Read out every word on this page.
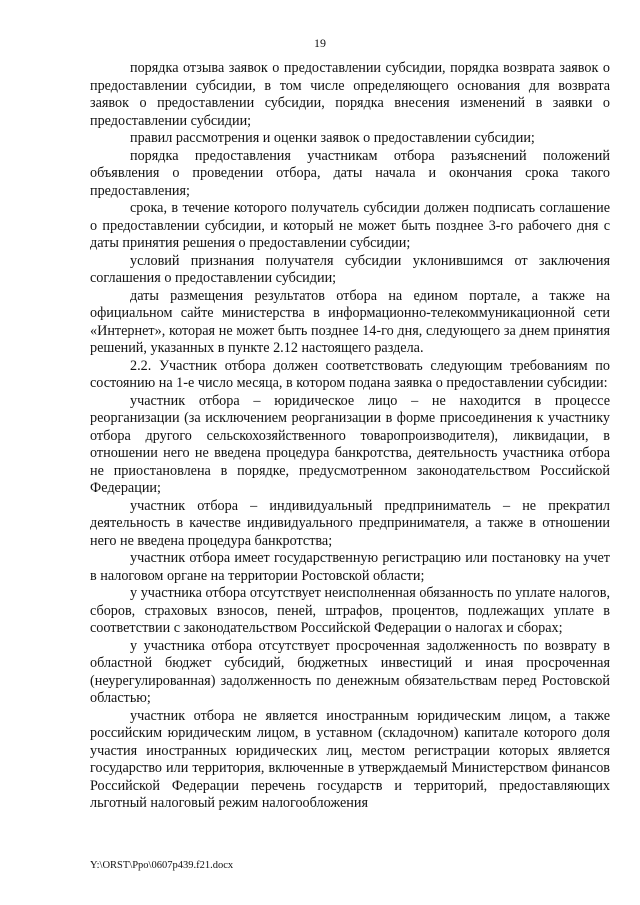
19

порядка отзыва заявок о предоставлении субсидии, порядка возврата заявок о предоставлении субсидии, в том числе определяющего основания для возврата заявок о предоставлении субсидии, порядка внесения изменений в заявки о предоставлении субсидии;

правил рассмотрения и оценки заявок о предоставлении субсидии;

порядка предоставления участникам отбора разъяснений положений объявления о проведении отбора, даты начала и окончания срока такого предоставления;

срока, в течение которого получатель субсидии должен подписать соглашение о предоставлении субсидии, и который не может быть позднее 3-го рабочего дня с даты принятия решения о предоставлении субсидии;

условий признания получателя субсидии уклонившимся от заключения соглашения о предоставлении субсидии;

даты размещения результатов отбора на едином портале, а также на официальном сайте министерства в информационно-телекоммуникационной сети «Интернет», которая не может быть позднее 14-го дня, следующего за днем принятия решений, указанных в пункте 2.12 настоящего раздела.

2.2. Участник отбора должен соответствовать следующим требованиям по состоянию на 1-е число месяца, в котором подана заявка о предоставлении субсидии:

участник отбора – юридическое лицо – не находится в процессе реорганизации (за исключением реорганизации в форме присоединения к участнику отбора другого сельскохозяйственного товаропроизводителя), ликвидации, в отношении него не введена процедура банкротства, деятельность участника отбора не приостановлена в порядке, предусмотренном законодательством Российской Федерации;

участник отбора – индивидуальный предприниматель – не прекратил деятельность в качестве индивидуального предпринимателя, а также в отношении него не введена процедура банкротства;

участник отбора имеет государственную регистрацию или постановку на учет в налоговом органе на территории Ростовской области;

у участника отбора отсутствует неисполненная обязанность по уплате налогов, сборов, страховых взносов, пеней, штрафов, процентов, подлежащих уплате в соответствии с законодательством Российской Федерации о налогах и сборах;

у участника отбора отсутствует просроченная задолженность по возврату в областной бюджет субсидий, бюджетных инвестиций и иная просроченная (неурегулированная) задолженность по денежным обязательствам перед Ростовской областью;

участник отбора не является иностранным юридическим лицом, а также российским юридическим лицом, в уставном (складочном) капитале которого доля участия иностранных юридических лиц, местом регистрации которых является государство или территория, включенные в утверждаемый Министерством финансов Российской Федерации перечень государств и территорий, предоставляющих льготный налоговый режим налогообложения

Y:\ORST\Ppo\0607p439.f21.docx
